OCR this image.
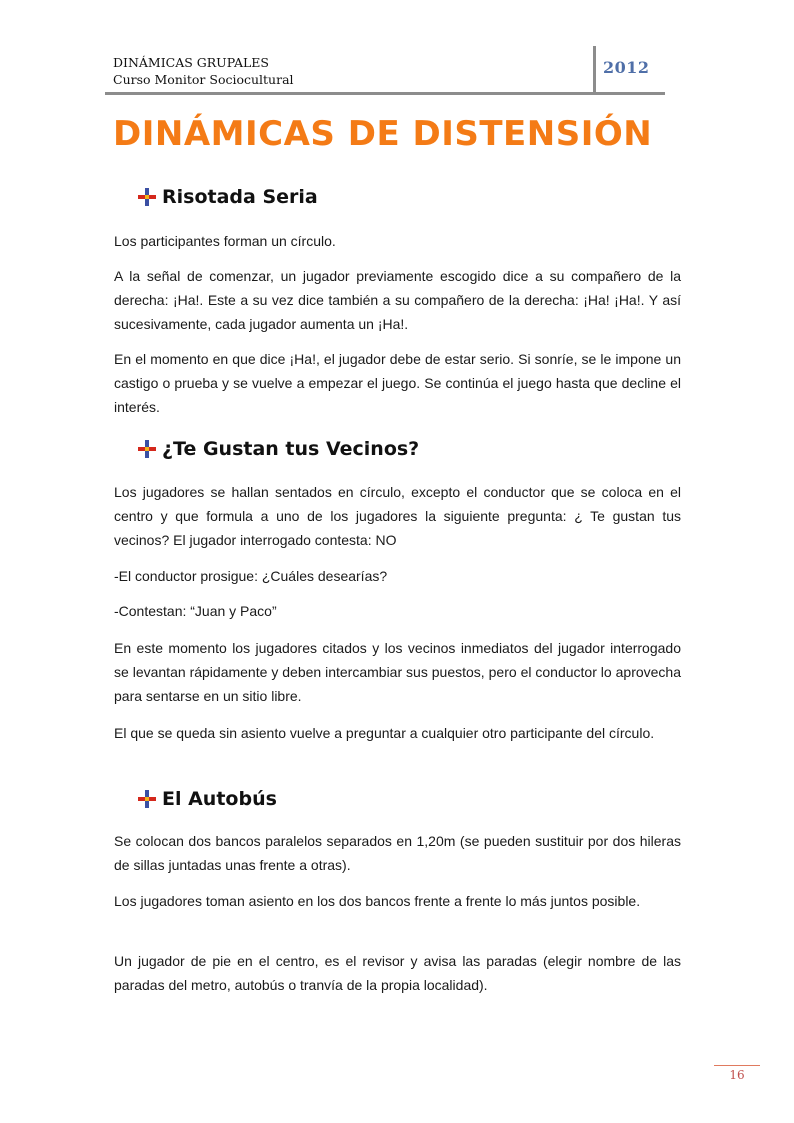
DINÁMICAS GRUPALES
Curso Monitor Sociocultural
2012
DINÁMICAS DE DISTENSIÓN
Risotada Seria
Los participantes forman un círculo.
A la señal de comenzar, un jugador previamente escogido dice a su compañero de la derecha: ¡Ha!. Este a su vez dice también a su compañero de la derecha: ¡Ha! ¡Ha!. Y así sucesivamente, cada jugador aumenta un ¡Ha!.
En el momento en que dice ¡Ha!, el jugador debe de estar serio. Si sonríe, se le impone un castigo o prueba y se vuelve a empezar el juego. Se continúa el juego hasta que decline el interés.
¿Te Gustan tus Vecinos?
Los jugadores se hallan sentados en círculo, excepto el conductor que se coloca en el centro y que formula a uno de los jugadores la siguiente pregunta: ¿ Te gustan tus vecinos? El jugador interrogado contesta: NO
-El conductor prosigue: ¿Cuáles desearías?
-Contestan: “Juan y Paco”
En este momento los jugadores citados y los vecinos inmediatos del jugador interrogado se levantan rápidamente y deben intercambiar sus puestos, pero el conductor lo aprovecha para sentarse en un sitio libre.
El que se queda sin asiento vuelve a preguntar a cualquier otro participante del círculo.
El Autobús
Se colocan dos bancos paralelos separados en 1,20m (se pueden sustituir por dos hileras de sillas juntadas unas frente a otras).
Los jugadores toman asiento en los dos bancos frente a frente lo más juntos posible.
Un jugador de pie en el centro, es el revisor y avisa las paradas (elegir nombre de las paradas del metro, autobús o tranvía de la propia localidad).
16
